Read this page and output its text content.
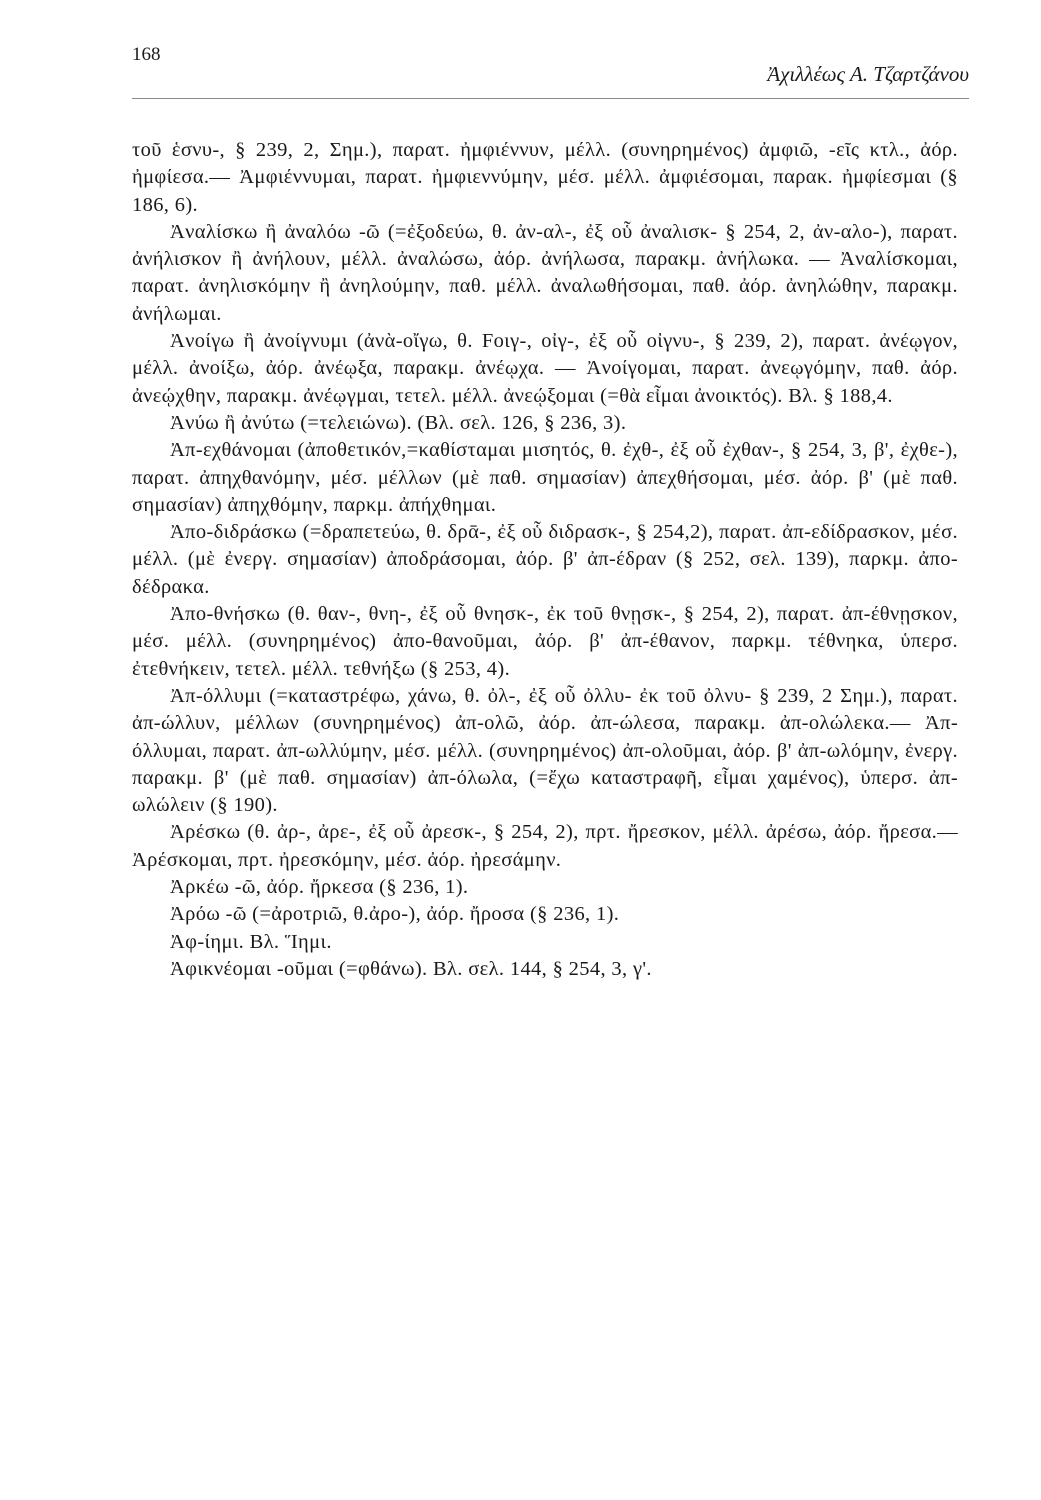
168
Ἀχιλλέως Α. Τζαρτζάνου

τοῦ ἑσνυ-, § 239, 2, Σημ.), παρατ. ἠμφιέννυν, μέλλ. (συνηρημένος) ἀμφιῶ, -εῖς κτλ., ἀόρ. ἠμφίεσα.— Ἀμφιέννυμαι, παρατ. ἠμφιεννύμην, μέσ. μέλλ. ἀμφιέσομαι, παρακ. ἠμφίεσμαι (§ 186, 6).

Ἀναλίσκω ἢ ἀναλόω -ῶ (=ἐξοδεύω, θ. ἀν-αλ-, ἐξ οὗ ἀναλισκ- § 254, 2, ἀν-αλο-), παρατ. ἀνήλισκον ἢ ἀνήλουν, μέλλ. ἀναλώσω, ἀόρ. ἀνήλωσα, παρακμ. ἀνήλωκα. — Ἀναλίσκομαι, παρατ. ἀνηλισκόμην ἢ ἀνηλούμην, παθ. μέλλ. ἀναλωθήσομαι, παθ. ἀόρ. ἀνηλώθην, παρακμ. ἀνήλωμαι.

Ἀνοίγω ἢ ἀνοίγνυμι (ἀνὰ-οἴγω, θ. Fοιγ-, οἰγ-, ἐξ οὗ οἰγνυ-, § 239, 2), παρατ. ἀνέῳγον, μέλλ. ἀνοίξω, ἀόρ. ἀνέῳξα, παρακμ. ἀνέῳχα. — Ἀνοίγομαι, παρατ. ἀνεῳγόμην, παθ. ἀόρ. ἀνεῴχθην, παρακμ. ἀνέῳγμαι, τετελ. μέλλ. ἀνεῴξομαι (=θὰ εἶμαι ἀνοικτός). Βλ. § 188,4.

Ἀνύω ἢ ἀνύτω (=τελειώνω). (Βλ. σελ. 126, § 236, 3).

Ἀπ-εχθάνομαι (ἀποθετικόν,=καθίσταμαι μισητός, θ. ἐχθ-, ἐξ οὗ ἐχθαν-, § 254, 3, β', ἐχθε-), παρατ. ἀπηχθανόμην, μέσ. μέλλων (μὲ παθ. σημασίαν) ἀπεχθήσομαι, μέσ. ἀόρ. β' (μὲ παθ. σημασίαν) ἀπηχθόμην, παρκμ. ἀπήχθημαι.

Ἀπο-διδράσκω (=δραπετεύω, θ. δρᾱ-, ἐξ οὗ διδρασκ-, § 254,2), παρατ. ἀπ-εδίδρασκον, μέσ. μέλλ. (μὲ ἐνεργ. σημασίαν) ἀποδράσομαι, ἀόρ. β' ἀπ-έδραν (§ 252, σελ. 139), παρκμ. ἀπο-δέδρακα.

Ἀπο-θνήσκω (θ. θαν-, θνη-, ἐξ οὗ θνησκ-, ἐκ τοῦ θνῃσκ-, § 254, 2), παρατ. ἀπ-έθνῃσκον, μέσ. μέλλ. (συνηρημένος) ἀπο-θανοῦμαι, ἀόρ. β' ἀπ-έθανον, παρκμ. τέθνηκα, ὑπερσ. ἐτεθνήκειν, τετελ. μέλλ. τεθνήξω (§ 253, 4).

Ἀπ-όλλυμι (=καταστρέφω, χάνω, θ. ὀλ-, ἐξ οὗ ὀλλυ- ἐκ τοῦ ὀλνυ- § 239, 2 Σημ.), παρατ. ἀπ-ώλλυν, μέλλων (συνηρημένος) ἀπ-ολῶ, ἀόρ. ἀπ-ώλεσα, παρακμ. ἀπ-ολώλεκα.— Ἀπ-όλλυμαι, παρατ. ἀπ-ωλλύμην, μέσ. μέλλ. (συνηρημένος) ἀπ-ολοῦμαι, ἀόρ. β' ἀπ-ωλόμην, ἐνεργ. παρακμ. β' (μὲ παθ. σημασίαν) ἀπ-όλωλα, (=ἔχω καταστραφῆ, εἶμαι χαμένος), ὑπερσ. ἀπ-ωλώλειν (§ 190).

Ἀρέσκω (θ. ἀρ-, ἀρε-, ἐξ οὗ ἀρεσκ-, § 254, 2), πρτ. ἤρεσκον, μέλλ. ἀρέσω, ἀόρ. ἤρεσα.— Ἀρέσκομαι, πρτ. ἠρεσκόμην, μέσ. ἀόρ. ἠρεσάμην.

Ἀρκέω -ῶ, ἀόρ. ἤρκεσα (§ 236, 1).

Ἀρόω -ῶ (=ἀροτριῶ, θ.ἀρο-), ἀόρ. ἤροσα (§ 236, 1).

Ἀφ-ίημι. Βλ. Ἵημι.

Ἀφικνέομαι -οῦμαι (=φθάνω). Βλ. σελ. 144, § 254, 3, γ'.
